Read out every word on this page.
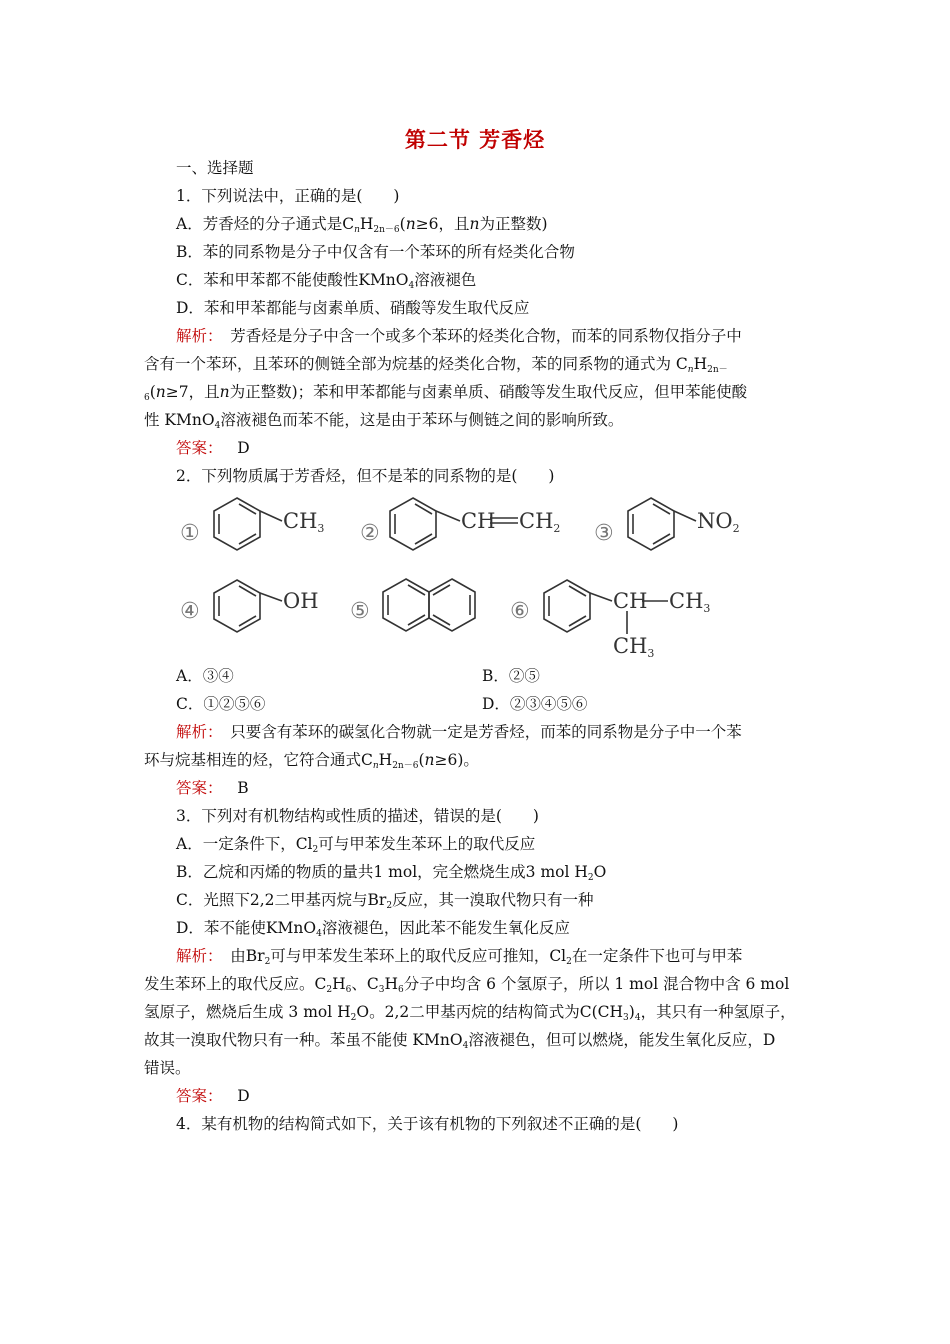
第二节 芳香烃
一、选择题
1．下列说法中，正确的是(　　)
A．芳香烃的分子通式是$C_nH_{2n-6}(n\ge 6$，且n为正整数)
B．苯的同系物是分子中仅含有一个苯环的所有烃类化合物
C．苯和甲苯都不能使酸性KMnO$_4$溶液褪色
D．苯和甲苯都能与卤素单质、硝酸等发生取代反应
解析：　芳香烃是分子中含一个或多个苯环的烃类化合物，而苯的同系物仅指分子中
含有一个苯环，且苯环的侧链全部为烷基的烃类化合物，苯的同系物的通式为 $C_nH_{2n-}$
$_6$(n≥7，且n为正整数)；苯和甲苯都能与卤素单质、硝酸等发生取代反应，但甲苯能使酸
性 KMnO$_4$溶液褪色而苯不能，这是由于苯环与侧链之间的影响所致。
答案： D
2．下列物质属于芳香烃，但不是苯的同系物的是(　　)
①	CH3 ②	CH CH2 ③	NO2
④	OH ⑤	⑥	CH CH3
CH3
A．③④	B．②⑤
C．①②⑤⑥	D．②③④⑤⑥
解析：　只要含有苯环的碳氢化合物就一定是芳香烃，而苯的同系物是分子中一个苯
环与烷基相连的烃，它符合通式$C_nH_{2n-6}(n\ge 6)$。
答案： B
3．下列对有机物结构或性质的描述，错误的是(　　)
A．一定条件下，$Cl_2$可与甲苯发生苯环上的取代反应
B．乙烷和丙烯的物质的量共1 mol，完全燃烧生成3 mol $H_2O$
C．光照下2,2二甲基丙烷与$Br_2$反应，其一溴取代物只有一种
D．苯不能使KMnO$_4$溶液褪色，因此苯不能发生氧化反应
解析：　由$Br_2$可与甲苯发生苯环上的取代反应可推知，$Cl_2$在一定条件下也可与甲苯
发生苯环上的取代反应。$C_2H_6$、$C_3H_6$分子中均含 6 个氢原子，所以 1 mol 混合物中含 6 mol
氢原子，燃烧后生成 3 mol $H_2O$。2,2二甲基丙烷的结构简式为$C(CH_3)_4$，其只有一种氢原子，
故其一溴取代物只有一种。苯虽不能使 KMnO$_4$溶液褪色，但可以燃烧，能发生氧化反应，D
错误。
答案： D
4．某有机物的结构简式如下，关于该有机物的下列叙述不正确的是(　　)
